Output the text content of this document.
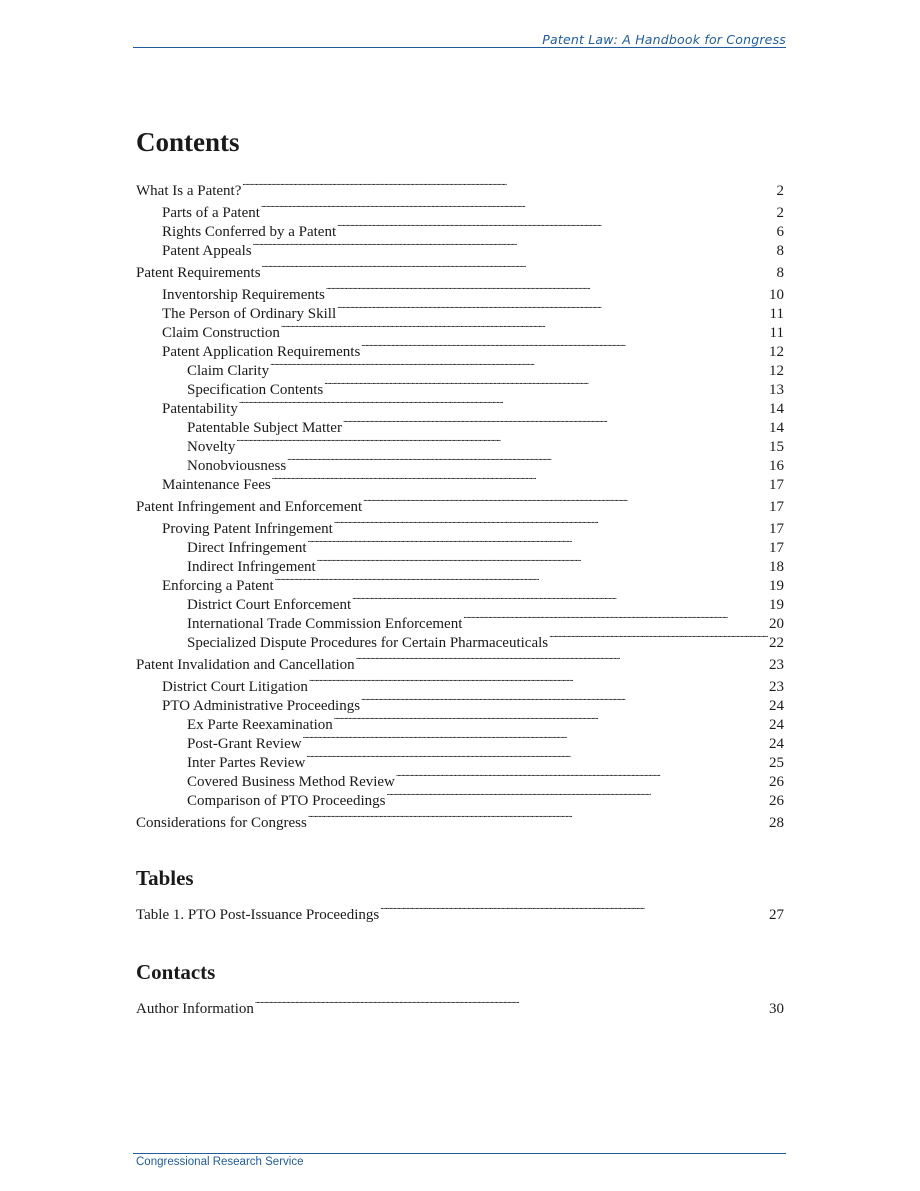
Patent Law: A Handbook for Congress
Contents
What Is a Patent? . . .	2
Parts of a Patent . . .	2
Rights Conferred by a Patent . . .	6
Patent Appeals . . .	8
Patent Requirements . . .	8
Inventorship Requirements . . .	10
The Person of Ordinary Skill . . .	11
Claim Construction . . .	11
Patent Application Requirements . . .	12
Claim Clarity . . .	12
Specification Contents . . .	13
Patentability . . .	14
Patentable Subject Matter . . .	14
Novelty . . .	15
Nonobviousness . . .	16
Maintenance Fees . . .	17
Patent Infringement and Enforcement . . .	17
Proving Patent Infringement . . .	17
Direct Infringement . . .	17
Indirect Infringement . . .	18
Enforcing a Patent . . .	19
District Court Enforcement . . .	19
International Trade Commission Enforcement . . .	20
Specialized Dispute Procedures for Certain Pharmaceuticals . . .	22
Patent Invalidation and Cancellation . . .	23
District Court Litigation . . .	23
PTO Administrative Proceedings . . .	24
Ex Parte Reexamination . . .	24
Post-Grant Review . . .	24
Inter Partes Review . . .	25
Covered Business Method Review . . .	26
Comparison of PTO Proceedings . . .	26
Considerations for Congress . . .	28
Tables
Table 1. PTO Post-Issuance Proceedings . . .	27
Contacts
Author Information . . .	30
Congressional Research Service
